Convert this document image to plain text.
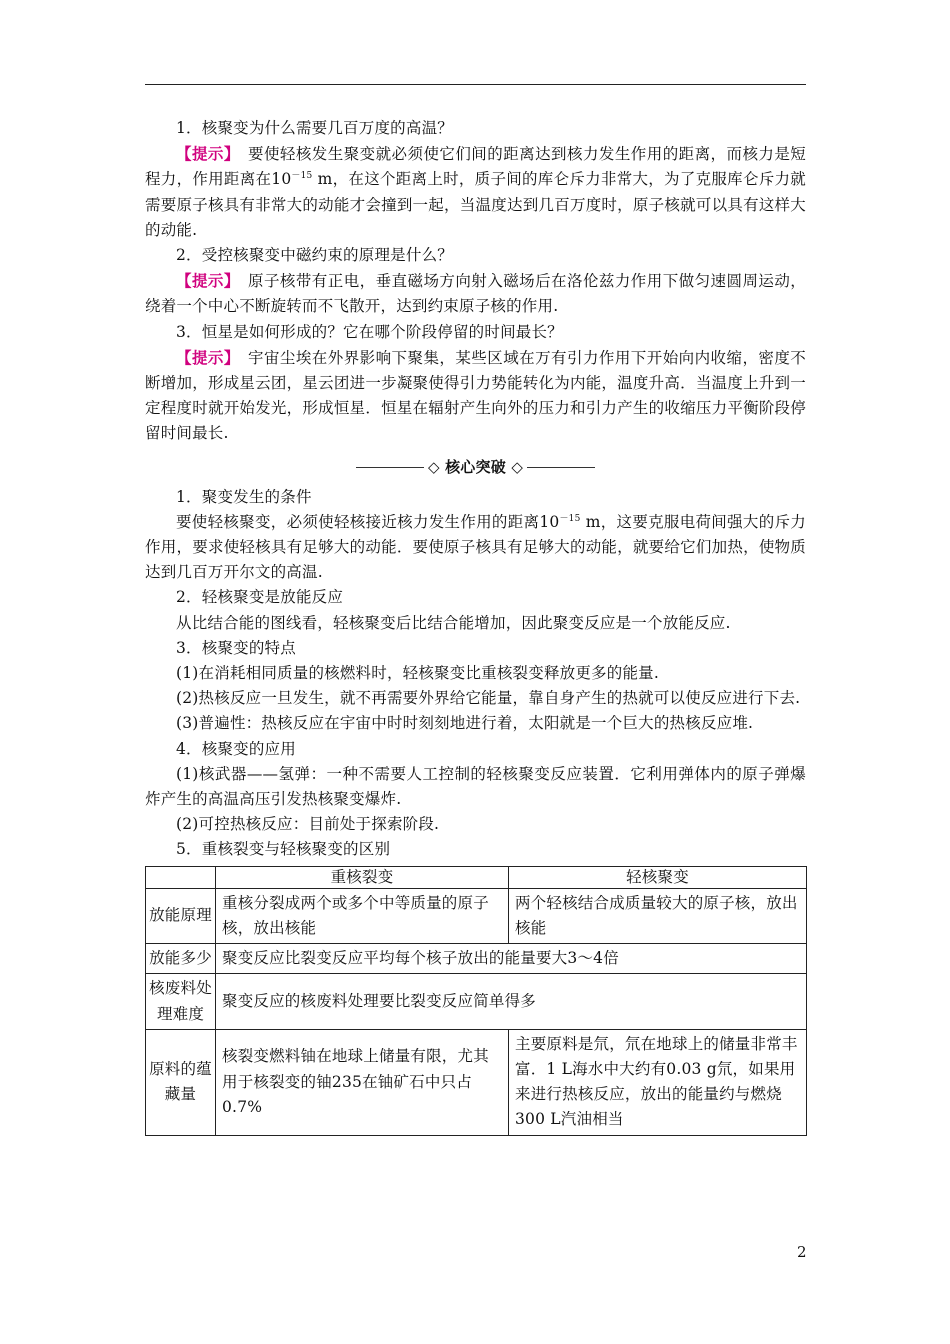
1．核聚变为什么需要几百万度的高温？

【提示】　要使轻核发生聚变就必须使它们间的距离达到核力发生作用的距离，而核力是短程力，作用距离在$10^{-15}$ m，在这个距离上时，质子间的库仑斥力非常大，为了克服库仑斥力就需要原子核具有非常大的动能才会撞到一起，当温度达到几百万度时，原子核就可以具有这样大的动能.

2．受控核聚变中磁约束的原理是什么？

【提示】　原子核带有正电，垂直磁场方向射入磁场后在洛伦兹力作用下做匀速圆周运动，绕着一个中心不断旋转而不飞散开，达到约束原子核的作用.

3．恒星是如何形成的？它在哪个阶段停留的时间最长？

【提示】　宇宙尘埃在外界影响下聚集，某些区域在万有引力作用下开始向内收缩，密度不断增加，形成星云团，星云团进一步凝聚使得引力势能转化为内能，温度升高．当温度上升到一定程度时就开始发光，形成恒星．恒星在辐射产生向外的压力和引力产生的收缩压力平衡阶段停留时间最长.

◇ 核心突破 ◇

1．聚变发生的条件

要使轻核聚变，必须使轻核接近核力发生作用的距离$10^{-15}$ m，这要克服电荷间强大的斥力作用，要求使轻核具有足够大的动能．要使原子核具有足够大的动能，就要给它们加热，使物质达到几百万开尔文的高温.

2．轻核聚变是放能反应

从比结合能的图线看，轻核聚变后比结合能增加，因此聚变反应是一个放能反应.

3．核聚变的特点

(1)在消耗相同质量的核燃料时，轻核聚变比重核裂变释放更多的能量.

(2)热核反应一旦发生，就不再需要外界给它能量，靠自身产生的热就可以使反应进行下去.

(3)普遍性：热核反应在宇宙中时时刻刻地进行着，太阳就是一个巨大的热核反应堆.

4．核聚变的应用

(1)核武器——氢弹：一种不需要人工控制的轻核聚变反应装置．它利用弹体内的原子弹爆炸产生的高温高压引发热核聚变爆炸.

(2)可控热核反应：目前处于探索阶段.

5．重核裂变与轻核聚变的区别

	重核裂变	轻核聚变
放能原理	重核分裂成两个或多个中等质量的原子核，放出核能	两个轻核结合成质量较大的原子核，放出核能
放能多少	聚变反应比裂变反应平均每个核子放出的能量要大3～4倍	
核废料处理难度	聚变反应的核废料处理要比裂变反应简单得多	
原料的蕴藏量	核裂变燃料铀在地球上储量有限，尤其用于核裂变的铀235在铀矿石中只占0.7%	主要原料是氘，氘在地球上的储量非常丰富．1 L海水中大约有0.03 g氘，如果用来进行热核反应，放出的能量约与燃烧300 L汽油相当
2
